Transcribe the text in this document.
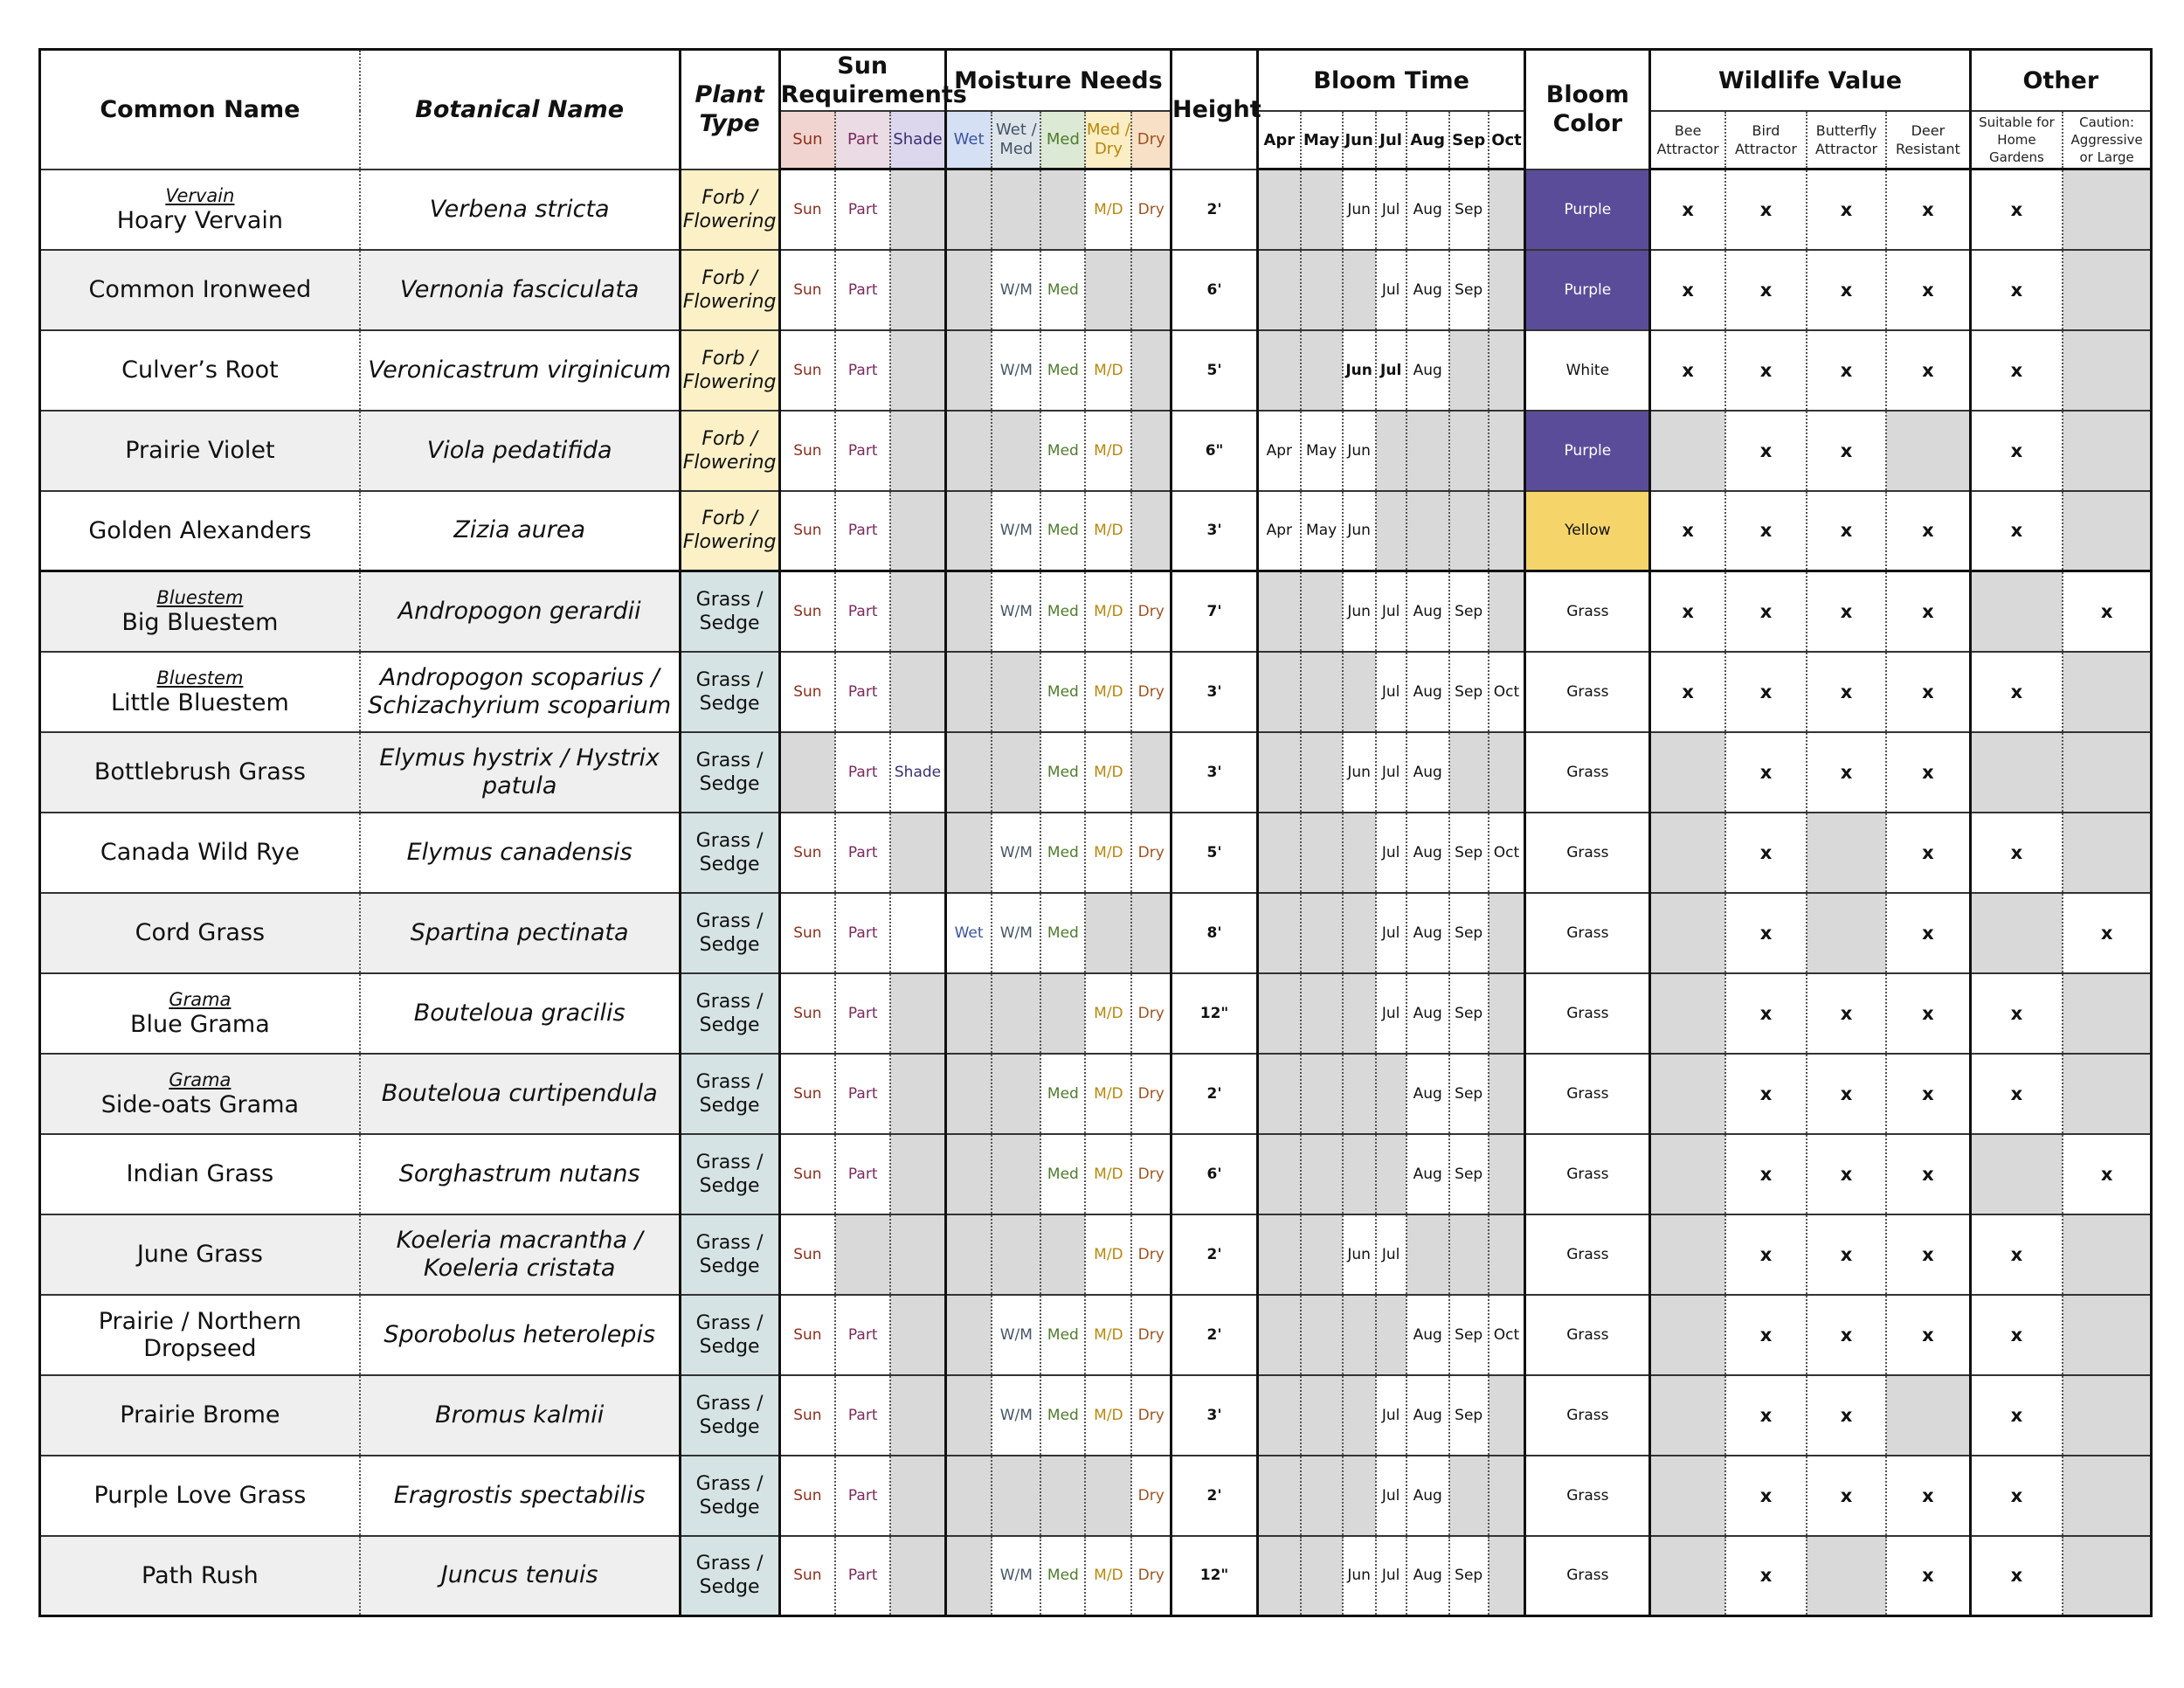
Common Name	Botanical Name	Plant Type	Sun Requirements			Moisture Needs					Height	Bloom Time							Bloom Color	Wildlife Value				Other	
			Sun	Part	Shade	Wet	Wet / Med	Med	Med / Dry	Dry		Apr	May	Jun	Jul	Aug	Sep	Oct		Bee Attractor	Bird Attractor	Butterfly Attractor	Deer Resistant	Suitable for Home Gardens	Caution: Aggressive or Large

Vervain
Hoary Vervain	Verbena stricta	Forb / Flowering	Sun	Part					M/D	Dry	2'			Jun	Jul	Aug	Sep		Purple	x	x	x	x	x	
Common Ironweed	Vernonia fasciculata	Forb / Flowering	Sun	Part			W/M	Med			6'				Jul	Aug	Sep		Purple	x	x	x	x	x	
Culver’s Root	Veronicastrum virginicum	Forb / Flowering	Sun	Part			W/M	Med	M/D		5'			Jun	Jul	Aug			White	x	x	x	x	x	
Prairie Violet	Viola pedatifida	Forb / Flowering	Sun	Part				Med	M/D		6"	Apr	May	Jun					Purple		x	x		x	
Golden Alexanders	Zizia aurea	Forb / Flowering	Sun	Part			W/M	Med	M/D		3'	Apr	May	Jun					Yellow	x	x	x	x	x	

Bluestem
Big Bluestem	Andropogon gerardii	Grass / Sedge	Sun	Part			W/M	Med	M/D	Dry	7'			Jun	Jul	Aug	Sep		Grass	x	x	x	x		x

Bluestem
Little Bluestem	Andropogon scoparius / Schizachyrium scoparium	Grass / Sedge	Sun	Part				Med	M/D	Dry	3'				Jul	Aug	Sep	Oct	Grass	x	x	x	x	x	
Bottlebrush Grass	Elymus hystrix / Hystrix patula	Grass / Sedge		Part	Shade			Med	M/D		3'			Jun	Jul	Aug			Grass		x	x	x		
Canada Wild Rye	Elymus canadensis	Grass / Sedge	Sun	Part			W/M	Med	M/D	Dry	5'				Jul	Aug	Sep	Oct	Grass		x		x	x	
Cord Grass	Spartina pectinata	Grass / Sedge	Sun	Part		Wet	W/M	Med			8'				Jul	Aug	Sep		Grass		x		x		x

Grama
Blue Grama	Bouteloua gracilis	Grass / Sedge	Sun	Part					M/D	Dry	12"				Jul	Aug	Sep		Grass		x	x	x	x	

Grama
Side-oats Grama	Bouteloua curtipendula	Grass / Sedge	Sun	Part				Med	M/D	Dry	2'					Aug	Sep		Grass		x	x	x	x	
Indian Grass	Sorghastrum nutans	Grass / Sedge	Sun	Part				Med	M/D	Dry	6'					Aug	Sep		Grass		x	x	x		x
June Grass	Koeleria macrantha / Koeleria cristata	Grass / Sedge	Sun						M/D	Dry	2'			Jun	Jul				Grass		x	x	x	x	
Prairie / Northern Dropseed	Sporobolus heterolepis	Grass / Sedge	Sun	Part			W/M	Med	M/D	Dry	2'					Aug	Sep	Oct	Grass		x	x	x	x	
Prairie Brome	Bromus kalmii	Grass / Sedge	Sun	Part			W/M	Med	M/D	Dry	3'				Jul	Aug	Sep		Grass		x	x		x	
Purple Love Grass	Eragrostis spectabilis	Grass / Sedge	Sun	Part						Dry	2'				Jul	Aug			Grass		x	x	x	x	
Path Rush	Juncus tenuis	Grass / Sedge	Sun	Part			W/M	Med	M/D	Dry	12"			Jun	Jul	Aug	Sep		Grass		x		x	x	
